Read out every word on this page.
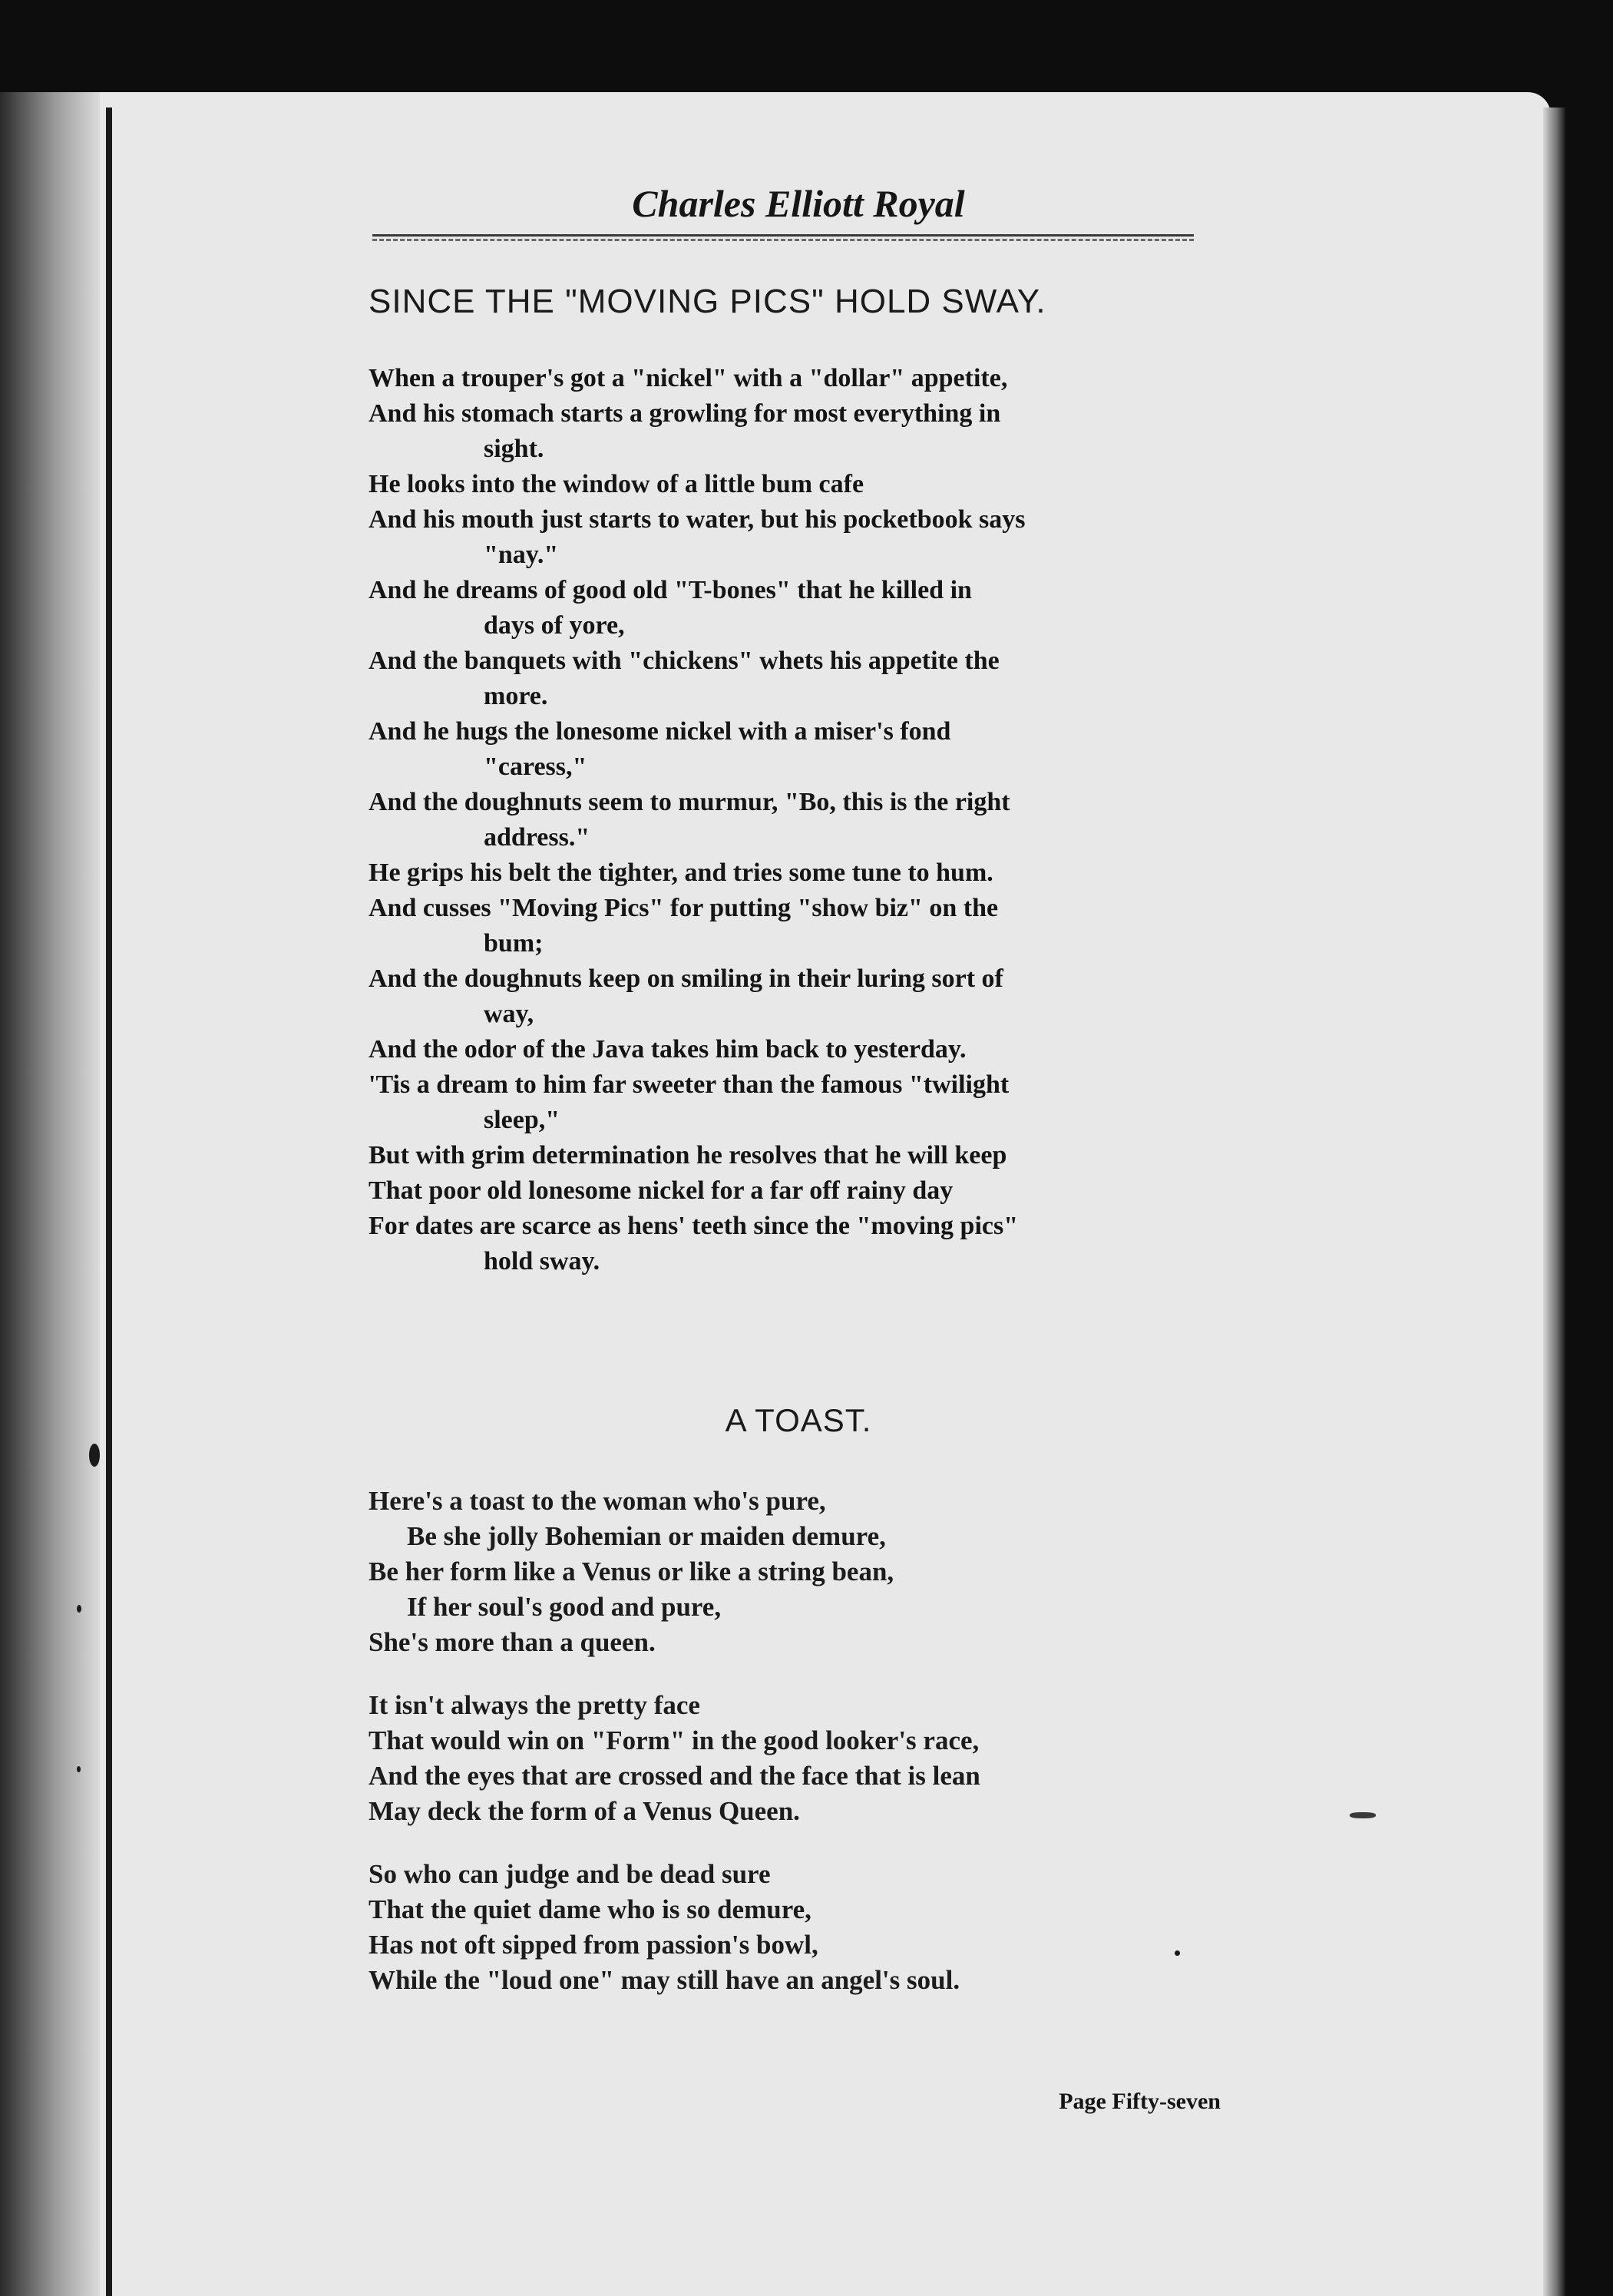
Charles Elliott Royal
SINCE THE "MOVING PICS" HOLD SWAY.
When a trouper's got a "nickel" with a "dollar" appetite,
And his stomach starts a growling for most everything in
sight.
He looks into the window of a little bum cafe
And his mouth just starts to water, but his pocketbook says
"nay."
And he dreams of good old "T-bones" that he killed in
days of yore,
And the banquets with "chickens" whets his appetite the
more.
And he hugs the lonesome nickel with a miser's fond
"caress,"
And the doughnuts seem to murmur, "Bo, this is the right
address."
He grips his belt the tighter, and tries some tune to hum.
And cusses "Moving Pics" for putting "show biz" on the
bum;
And the doughnuts keep on smiling in their luring sort of
way,
And the odor of the Java takes him back to yesterday.
'Tis a dream to him far sweeter than the famous "twilight
sleep,"
But with grim determination he resolves that he will keep
That poor old lonesome nickel for a far off rainy day
For dates are scarce as hens' teeth since the "moving pics"
hold sway.
A TOAST.
Here's a toast to the woman who's pure,
Be she jolly Bohemian or maiden demure,
Be her form like a Venus or like a string bean,
If her soul's good and pure,
She's more than a queen.
It isn't always the pretty face
That would win on "Form" in the good looker's race,
And the eyes that are crossed and the face that is lean
May deck the form of a Venus Queen.
So who can judge and be dead sure
That the quiet dame who is so demure,
Has not oft sipped from passion's bowl,
While the "loud one" may still have an angel's soul.

Page Fifty-seven
